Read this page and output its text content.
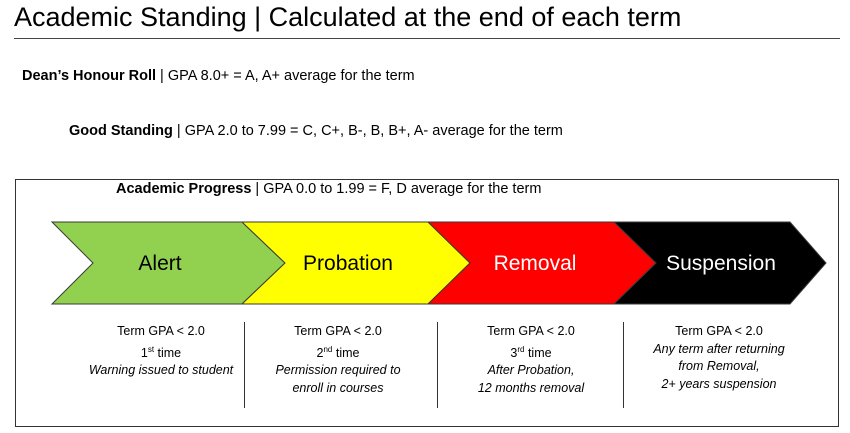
Academic Standing | Calculated at the end of each term
Dean’s Honour Roll | GPA 8.0+ = A, A+ average for the term
Good Standing | GPA 2.0 to 7.99 = C, C+, B-, B, B+, A- average for the term
Academic Progress | GPA 0.0 to 1.99 = F, D average for the term
Alert	Probation	Removal	Suspension
Term GPA < 2.0
1st time
Warning issued to student
Term GPA < 2.0
2nd time
Permission required to
enroll in courses
Term GPA < 2.0
3rd time
After Probation,
12 months removal
Term GPA < 2.0
Any term after returning
from Removal,
2+ years suspension
